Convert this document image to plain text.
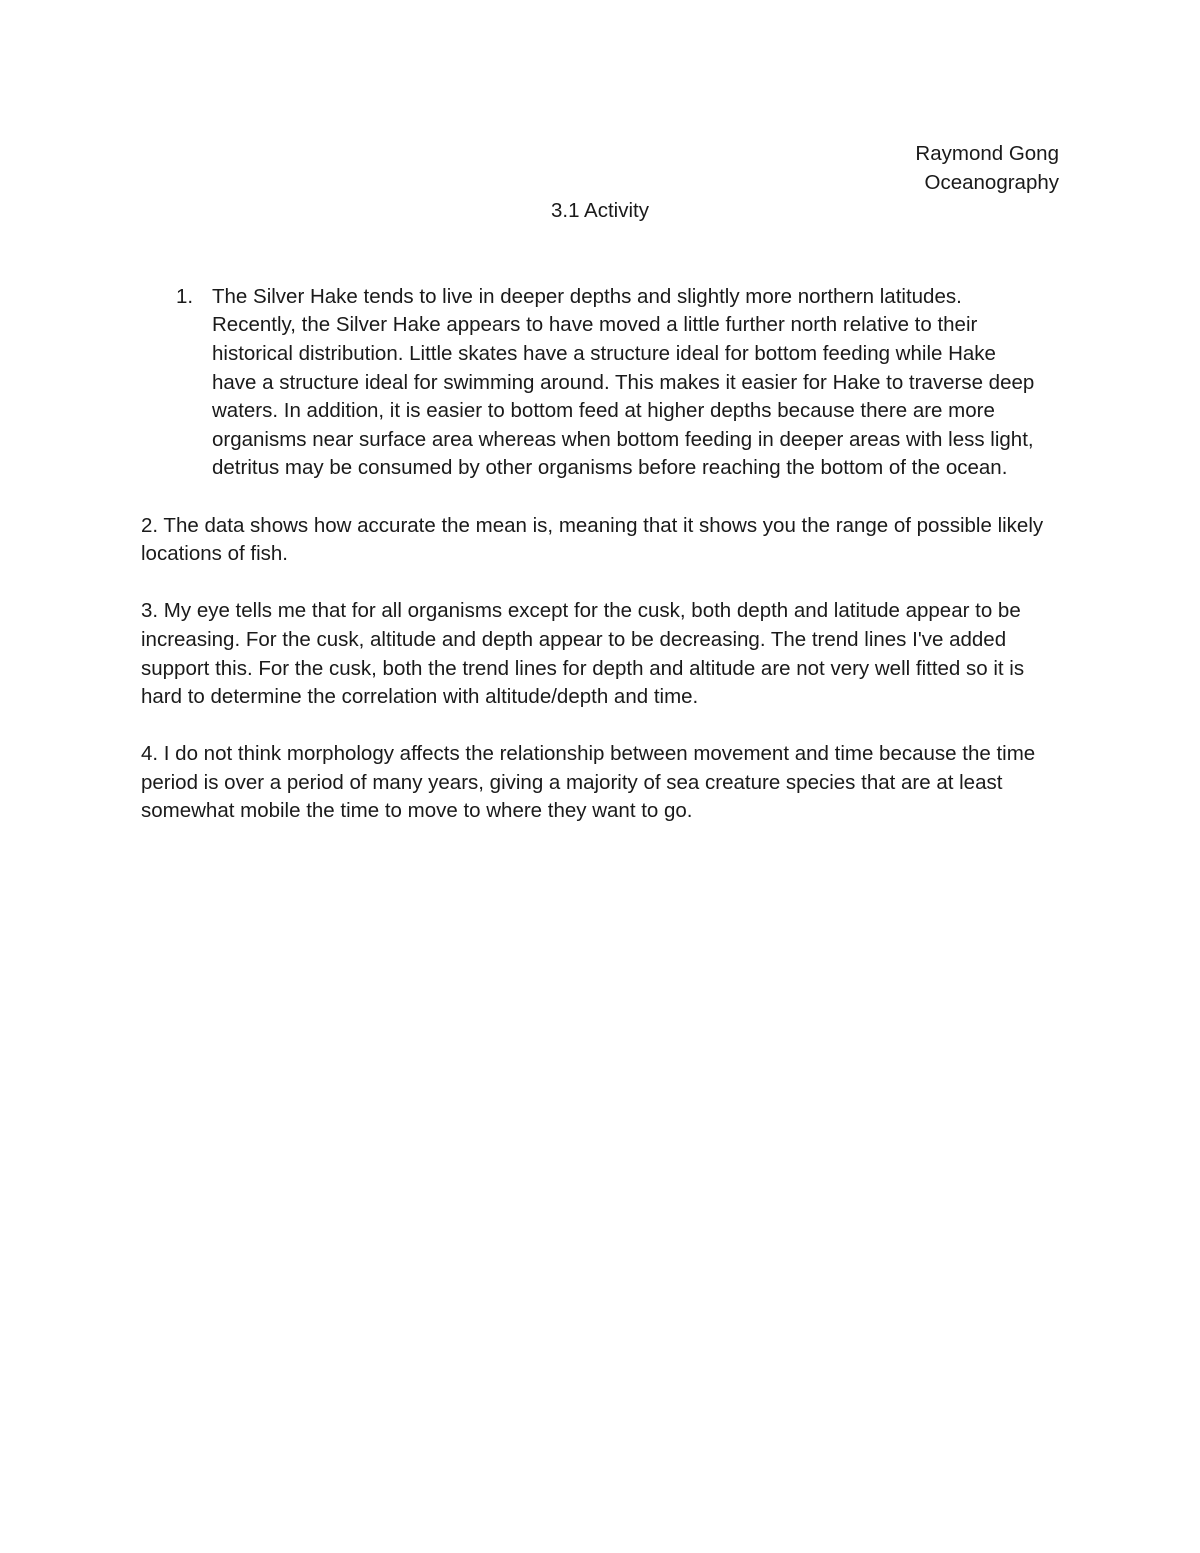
Raymond Gong
Oceanography
3.1 Activity
1. The Silver Hake tends to live in deeper depths and slightly more northern latitudes. Recently, the Silver Hake appears to have moved a little further north relative to their historical distribution. Little skates have a structure ideal for bottom feeding while Hake have a structure ideal for swimming around. This makes it easier for Hake to traverse deep waters. In addition, it is easier to bottom feed at higher depths because there are more organisms near surface area whereas when bottom feeding in deeper areas with less light, detritus may be consumed by other organisms before reaching the bottom of the ocean.
2. The data shows how accurate the mean is, meaning that it shows you the range of possible likely locations of fish.
3. My eye tells me that for all organisms except for the cusk, both depth and latitude appear to be increasing. For the cusk, altitude and depth appear to be decreasing. The trend lines I've added support this. For the cusk, both the trend lines for depth and altitude are not very well fitted so it is hard to determine the correlation with altitude/depth and time.
4. I do not think morphology affects the relationship between movement and time because the time period is over a period of many years, giving a majority of sea creature species that are at least somewhat mobile the time to move to where they want to go.
